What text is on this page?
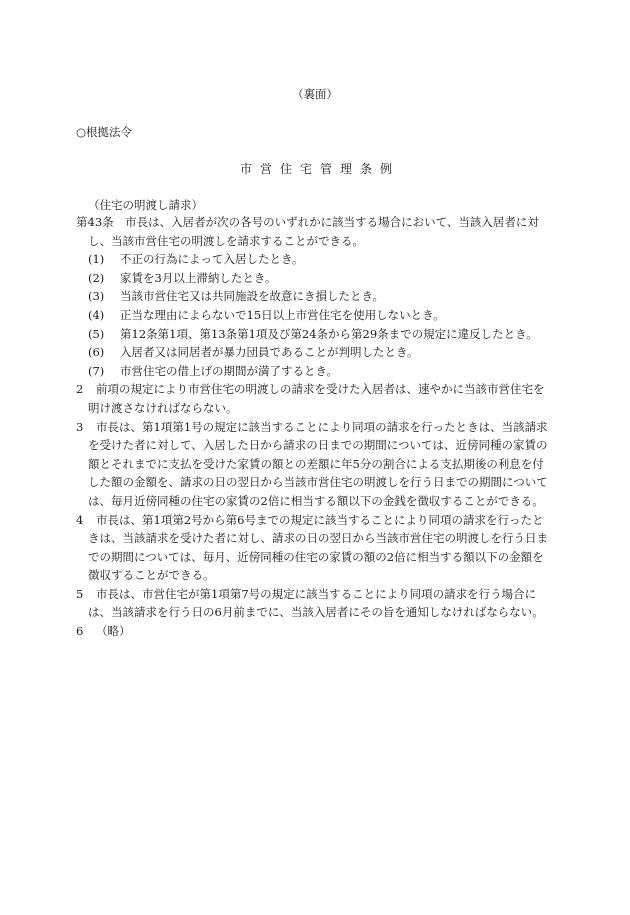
（裏面）
○根拠法令
市営住宅管理条例
（住宅の明渡し請求）
第43条　 市長は、入居者が次の各号のいずれかに該当する場合において、当該入居者に対
し、当該市営住宅の明渡しを請求することができる。
(1)	不正の行為によって入居したとき。
(2)	家賃を3月以上滞納したとき。
(3)	当該市営住宅又は共同施設を故意にき損したとき。
(4)	正当な理由によらないで15日以上市営住宅を使用しないとき。
(5)	第12条第1項、第13条第1項及び第24条から第29条までの規定に違反したとき。
(6)	入居者又は同居者が暴力団員であることが判明したとき。
(7)	市営住宅の借上げの期間が満了するとき。
2 前項の規定により市営住宅の明渡しの請求を受けた入居者は、速やかに当該市営住宅を
明け渡さなければならない。
3 市長は、第1項第1号の規定に該当することにより同項の請求を行ったときは、当該請求
を受けた者に対して、入居した日から請求の日までの期間については、近傍同種の家賃の
額とそれまでに支払を受けた家賃の額との差額に年5分の割合による支払期後の利息を付
した額の金額を、請求の日の翌日から当該市営住宅の明渡しを行う日までの期間について
は、毎月近傍同種の住宅の家賃の2倍に相当する額以下の金銭を徴収することができる。
4 市長は、第1項第2号から第6号までの規定に該当することにより同項の請求を行ったと
きは、当該請求を受けた者に対し、請求の日の翌日から当該市営住宅の明渡しを行う日ま
での期間については、毎月、近傍同種の住宅の家賃の額の2倍に相当する額以下の金額を
徴収することができる。
5 市長は、市営住宅が第1項第7号の規定に該当することにより同項の請求を行う場合に
は、当該請求を行う日の6月前までに、当該入居者にその旨を通知しなければならない。
6 （略）
